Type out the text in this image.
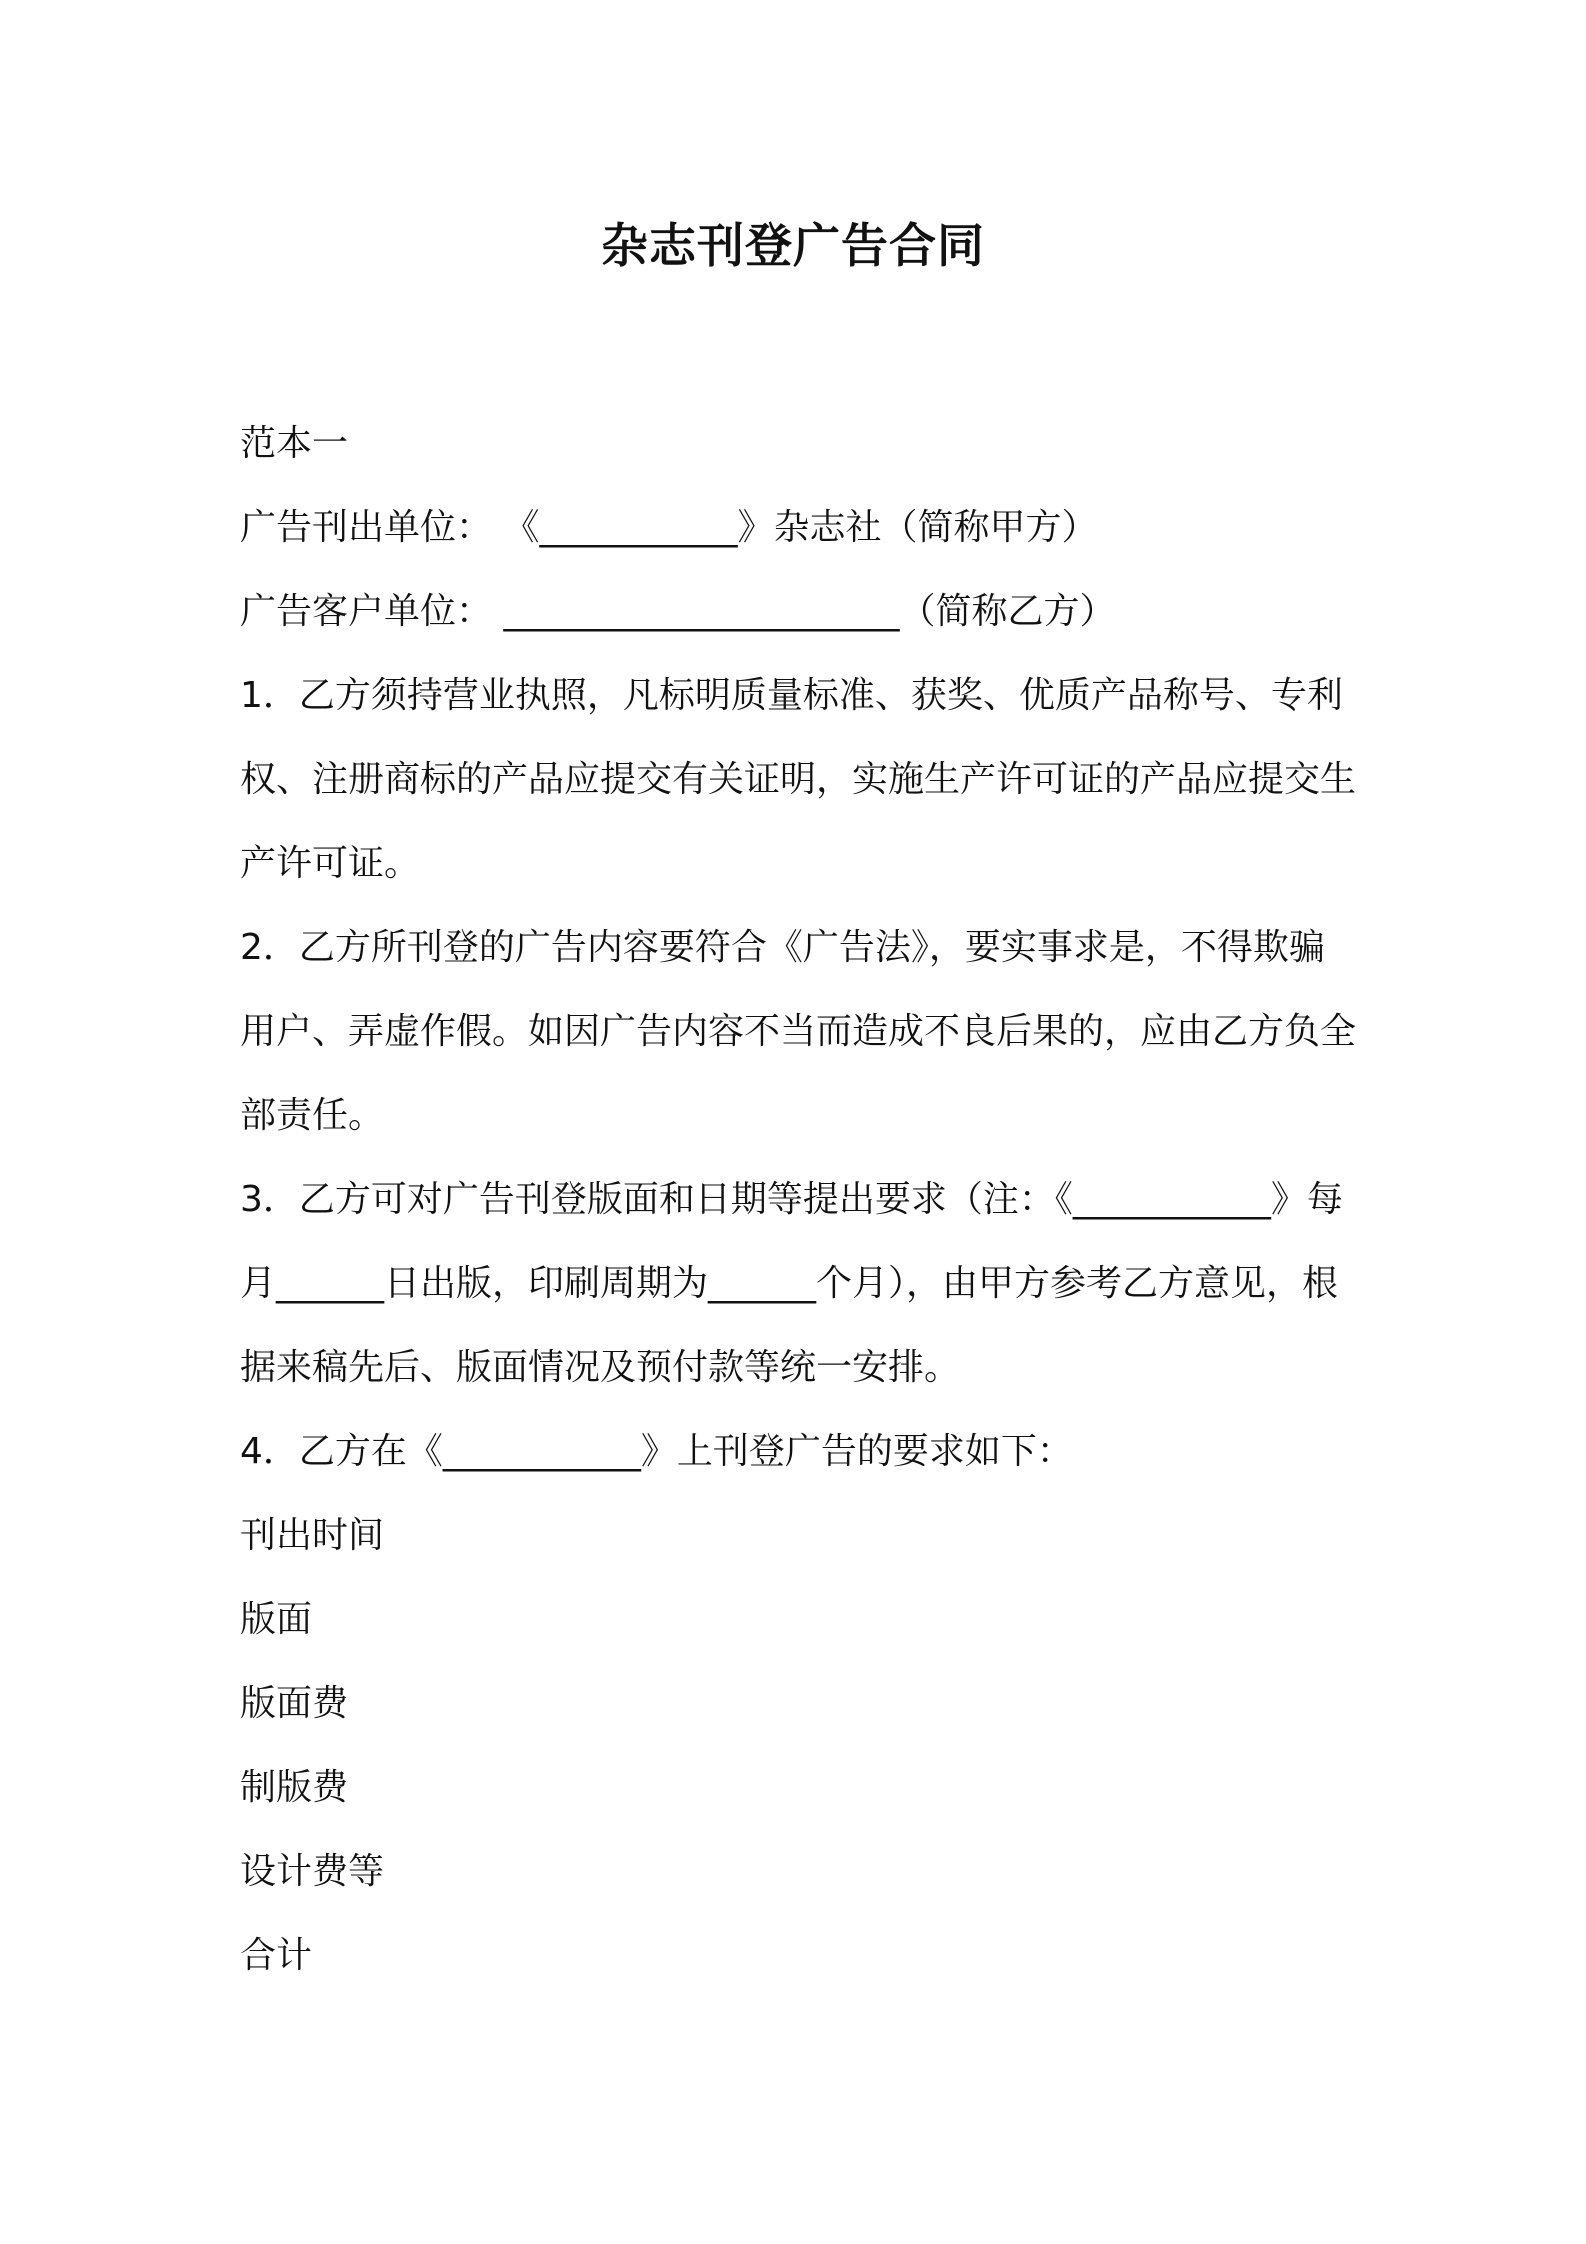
杂志刊登广告合同

范本一

广告刊出单位： 《___________》杂志社（简称甲方）

广告客户单位： ______________________（简称乙方）

1．乙方须持营业执照，凡标明质量标准、获奖、优质产品称号、专利权、注册商标的产品应提交有关证明，实施生产许可证的产品应提交生产许可证。

2．乙方所刊登的广告内容要符合《广告法》，要实事求是，不得欺骗用户、弄虚作假。如因广告内容不当而造成不良后果的，应由乙方负全部责任。

3．乙方可对广告刊登版面和日期等提出要求（注：《___________》每月______日出版，印刷周期为______个月），由甲方参考乙方意见，根据来稿先后、版面情况及预付款等统一安排。

4．乙方在《___________》上刊登广告的要求如下：

刊出时间

版面

版面费

制版费

设计费等

合计
